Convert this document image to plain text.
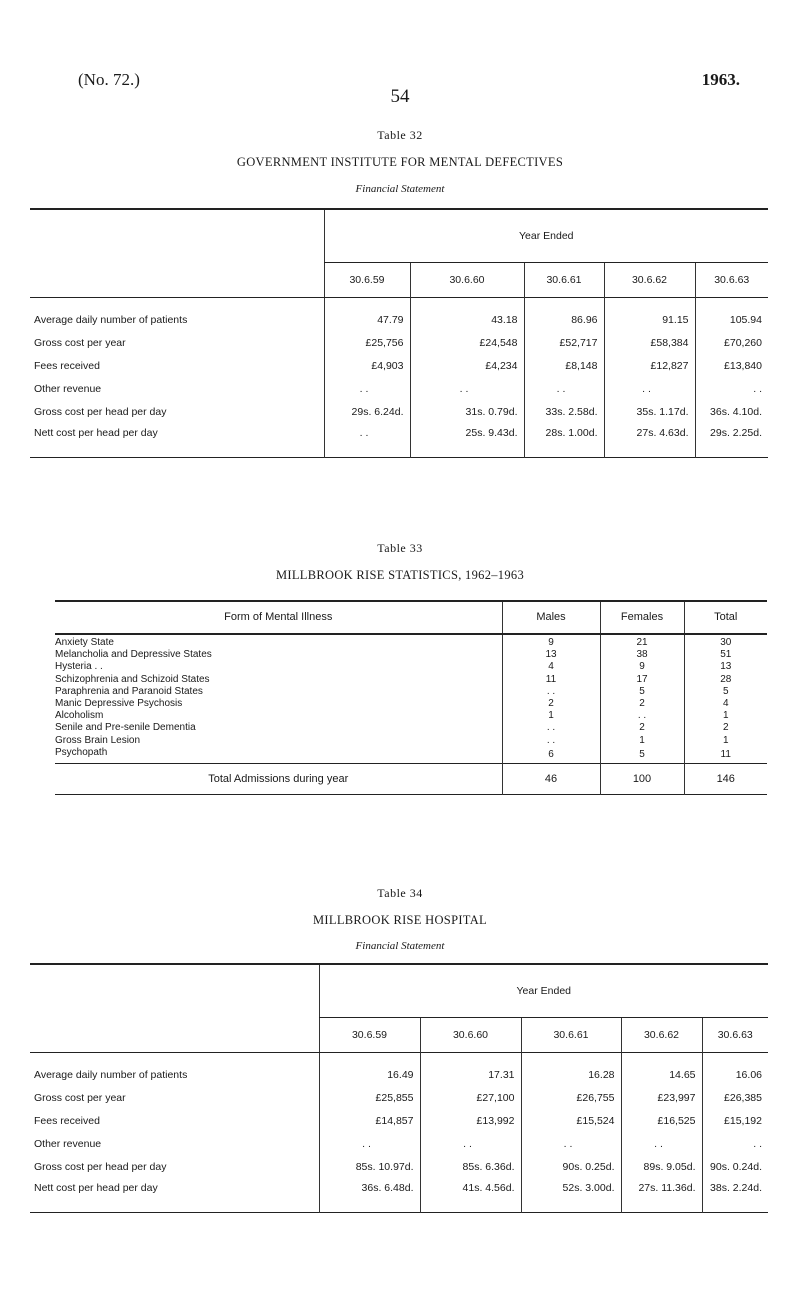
(No. 72.)
54
1963.
Table 32
GOVERNMENT INSTITUTE FOR MENTAL DEFECTIVES
Financial Statement
	Year Ended				
	30.6.59	30.6.60	30.6.61	30.6.62	30.6.63

Average daily number of patients	47.79	43.18	86.96	91.15	105.94
Gross cost per year	£25,756	£24,548	£52,717	£58,384	£70,260
Fees received	£4,903	£4,234	£8,148	£12,827	£13,840
Other revenue	. .	. .	. .	. .	. .
Gross cost per head per day	29s. 6.24d.	31s. 0.79d.	33s. 2.58d.	35s. 1.17d.	36s. 4.10d.
Nett cost per head per day	. .	25s. 9.43d.	28s. 1.00d.	27s. 4.63d.	29s. 2.25d.
Table 33
MILLBROOK RISE STATISTICS, 1962–1963
Form of Mental Illness	Males	Females	Total

Anxiety State	9	21	30
Melancholia and Depressive States	13	38	51
Hysteria . .	4	9	13
Schizophrenia and Schizoid States	11	17	28
Paraphrenia and Paranoid States	. .	5	5
Manic Depressive Psychosis	2	2	4
Alcoholism	1	. .	1
Senile and Pre-senile Dementia	. .	2	2
Gross Brain Lesion	. .	1	1
Psychopath	6	5	11
Total Admissions during year	46	100	146
Table 34
MILLBROOK RISE HOSPITAL
Financial Statement
	Year Ended				
	30.6.59	30.6.60	30.6.61	30.6.62	30.6.63

Average daily number of patients	16.49	17.31	16.28	14.65	16.06
Gross cost per year	£25,855	£27,100	£26,755	£23,997	£26,385
Fees received	£14,857	£13,992	£15,524	£16,525	£15,192
Other revenue	. .	. .	. .	. .	. .
Gross cost per head per day	85s. 10.97d.	85s. 6.36d.	90s. 0.25d.	89s. 9.05d.	90s. 0.24d.
Nett cost per head per day	36s. 6.48d.	41s. 4.56d.	52s. 3.00d.	27s. 11.36d.	38s. 2.24d.
